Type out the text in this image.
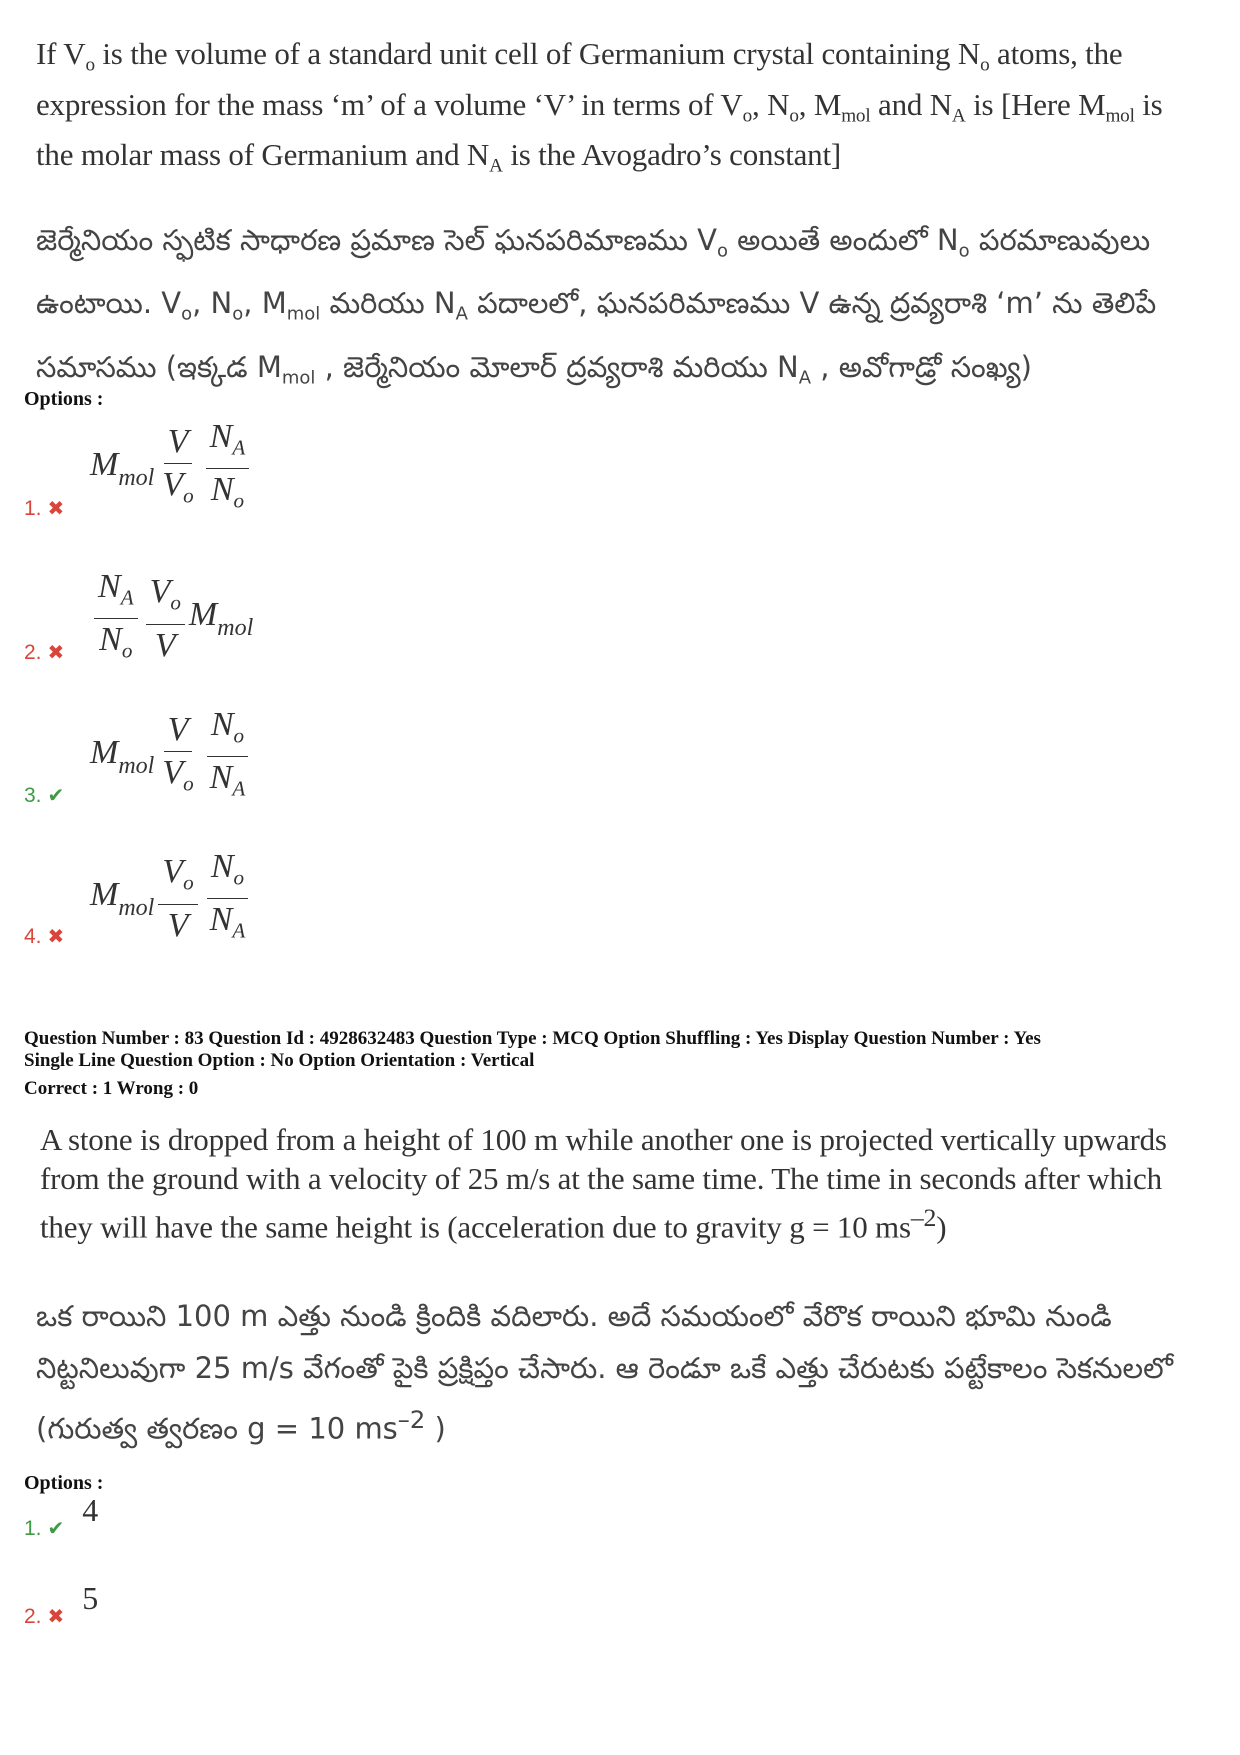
If $V_o$ is the volume of a standard unit cell of Germanium crystal containing $N_o$ atoms, the expression for the mass ‘m’ of a volume ‘V’ in terms of $V_o$, $N_o$, $M_{mol}$ and $N_A$ is [Here $M_{mol}$ is the molar mass of Germanium and $N_A$ is the Avogadro’s constant]
జెర్మేనియం స్ఫటిక సాధారణ ప్రమాణ సెల్ ఘనపరిమాణము $V_o$ అయితే అందులో $N_o$ పరమాణువులు ఉంటాయి. $V_o$, $N_o$, $M_{mol}$ మరియు $N_A$ పదాలలో, ఘనపరిమాణము V ఉన్న ద్రవ్యరాశి ‘m’ ను తెలిపే సమాసము (ఇక్కడ $M_{mol}$ , జెర్మేనియం మోలార్ ద్రవ్యరాశి మరియు $N_A$ , అవోగాడ్రో సంఖ్య)
Options :
$M_{mol} \frac{V}{V_o} \frac{N_A}{N_o}$
1. ✖
$\frac{N_A}{N_o} \frac{V_o}{V} M_{mol}$
2. ✖
$M_{mol} \frac{V}{V_o} \frac{N_o}{N_A}$
3. ✔
$M_{mol} \frac{V_o}{V} \frac{N_o}{N_A}$
4. ✖
Question Number : 83 Question Id : 4928632483 Question Type : MCQ Option Shuffling : Yes Display Question Number : Yes
Single Line Question Option : No Option Orientation : Vertical
Correct : 1 Wrong : 0
A stone is dropped from a height of 100 m while another one is projected vertically upwards from the ground with a velocity of 25 m/s at the same time. The time in seconds after which they will have the same height is (acceleration due to gravity g = 10 $ms^{-2}$)
ఒక రాయిని 100 m ఎత్తు నుండి క్రిందికి వదిలారు. అదే సమయంలో వేరొక రాయిని భూమి నుండి నిట్టనిలువుగా 25 m/s వేగంతో పైకి ప్రక్షిప్తం చేసారు. ఆ రెండూ ఒకే ఎత్తు చేరుటకు పట్టేకాలం సెకనులలో (గురుత్వ త్వరణం g = 10 $ms^{-2}$ )
Options :
1. ✔
4
2. ✖
5
